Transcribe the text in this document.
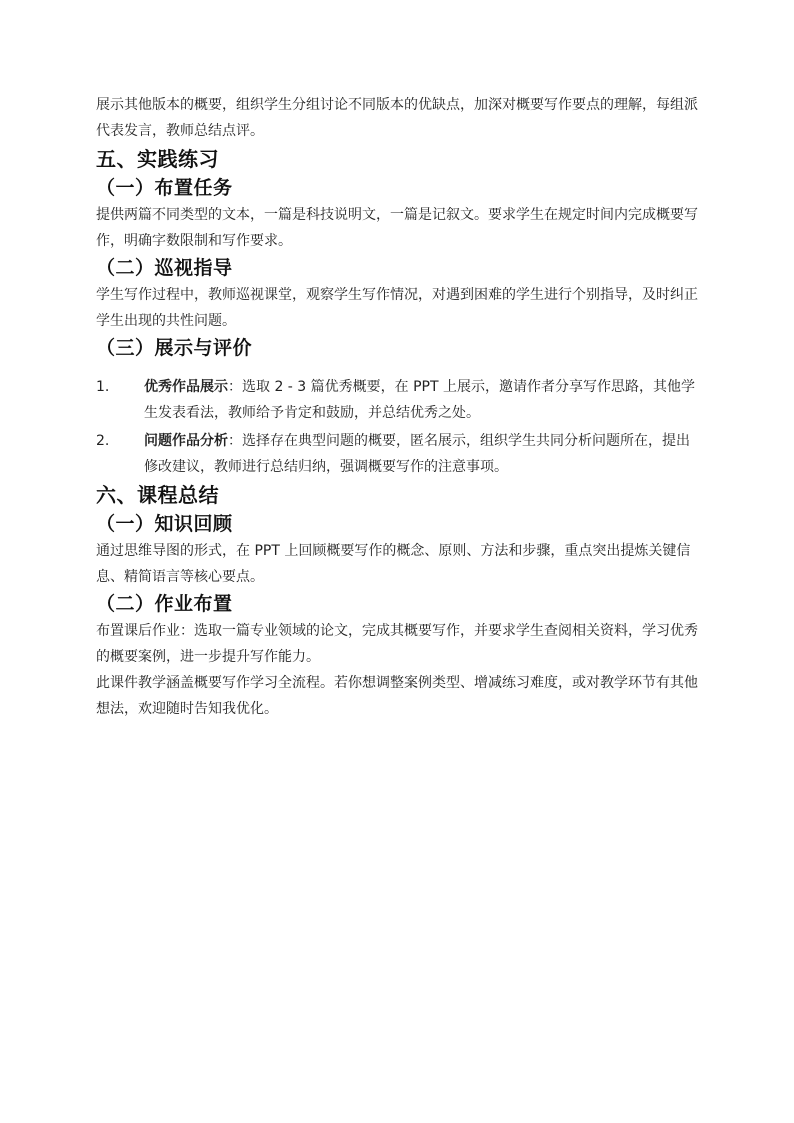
展示其他版本的概要，组织学生分组讨论不同版本的优缺点，加深对概要写作要点的理解，每组派代表发言，教师总结点评。

五、实践练习
（一）布置任务

提供两篇不同类型的文本，一篇是科技说明文，一篇是记叙文。要求学生在规定时间内完成概要写作，明确字数限制和写作要求。

（二）巡视指导

学生写作过程中，教师巡视课堂，观察学生写作情况，对遇到困难的学生进行个别指导，及时纠正学生出现的共性问题。

（三）展示与评价
1. 优秀作品展示：选取 2 - 3 篇优秀概要，在 PPT 上展示，邀请作者分享写作思路，其他学生发表看法，教师给予肯定和鼓励，并总结优秀之处。
2. 问题作品分析：选择存在典型问题的概要，匿名展示，组织学生共同分析问题所在，提出修改建议，教师进行总结归纳，强调概要写作的注意事项。
六、课程总结
（一）知识回顾

通过思维导图的形式，在 PPT 上回顾概要写作的概念、原则、方法和步骤，重点突出提炼关键信息、精简语言等核心要点。

（二）作业布置

布置课后作业：选取一篇专业领域的论文，完成其概要写作，并要求学生查阅相关资料，学习优秀的概要案例，进一步提升写作能力。

此课件教学涵盖概要写作学习全流程。若你想调整案例类型、增减练习难度，或对教学环节有其他想法，欢迎随时告知我优化。
